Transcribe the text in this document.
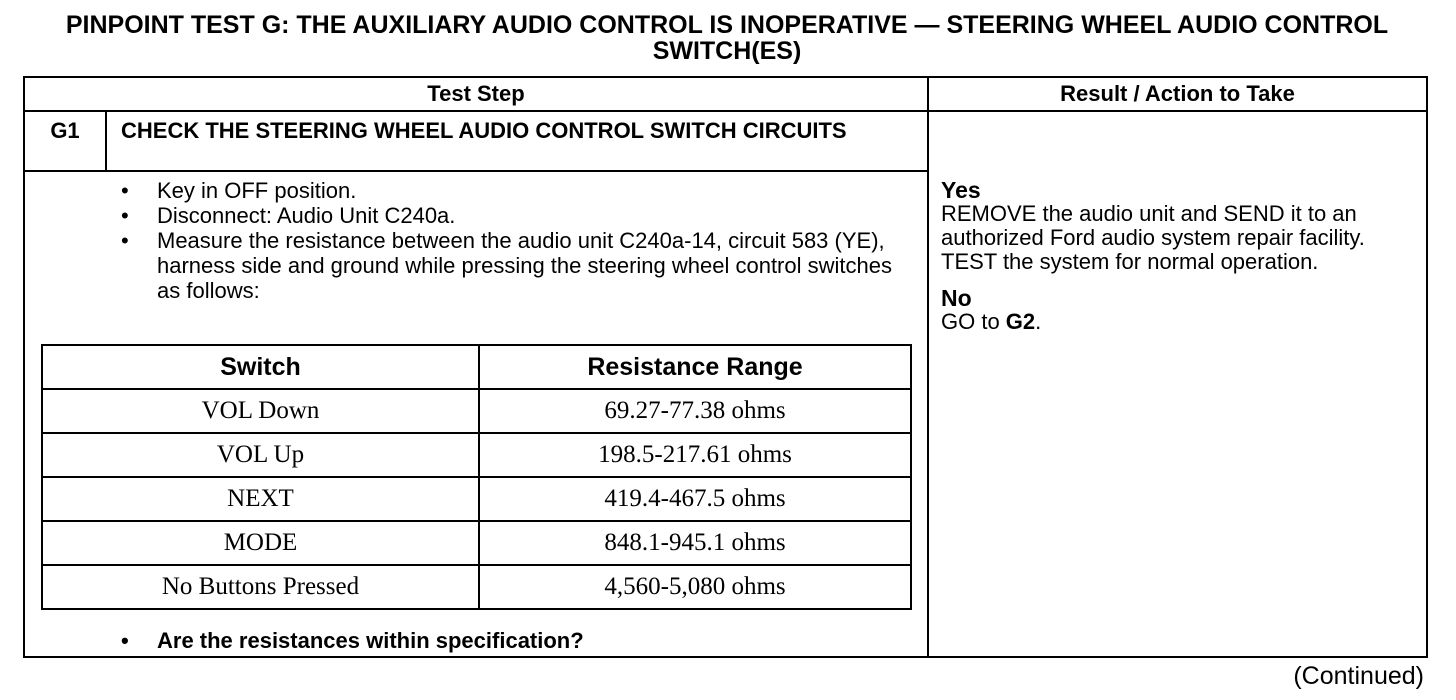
PINPOINT TEST G: THE AUXILIARY AUDIO CONTROL IS INOPERATIVE — STEERING WHEEL AUDIO CONTROL SWITCH(ES)
Test Step	Result / Action to Take
G1	CHECK THE STEERING WHEEL AUDIO CONTROL SWITCH CIRCUITS
• Key in OFF position.
• Disconnect: Audio Unit C240a.
• Measure the resistance between the audio unit C240a-14, circuit 583 (YE), harness side and ground while pressing the steering wheel control switches as follows:
Switch	Resistance Range
VOL Down	69.27-77.38 ohms
VOL Up	198.5-217.61 ohms
NEXT	419.4-467.5 ohms
MODE	848.1-945.1 ohms
No Buttons Pressed	4,560-5,080 ohms
• Are the resistances within specification?

Yes

REMOVE the audio unit and SEND it to an authorized Ford audio system repair facility. TEST the system for normal operation.

No

GO to G2.

(Continued)
